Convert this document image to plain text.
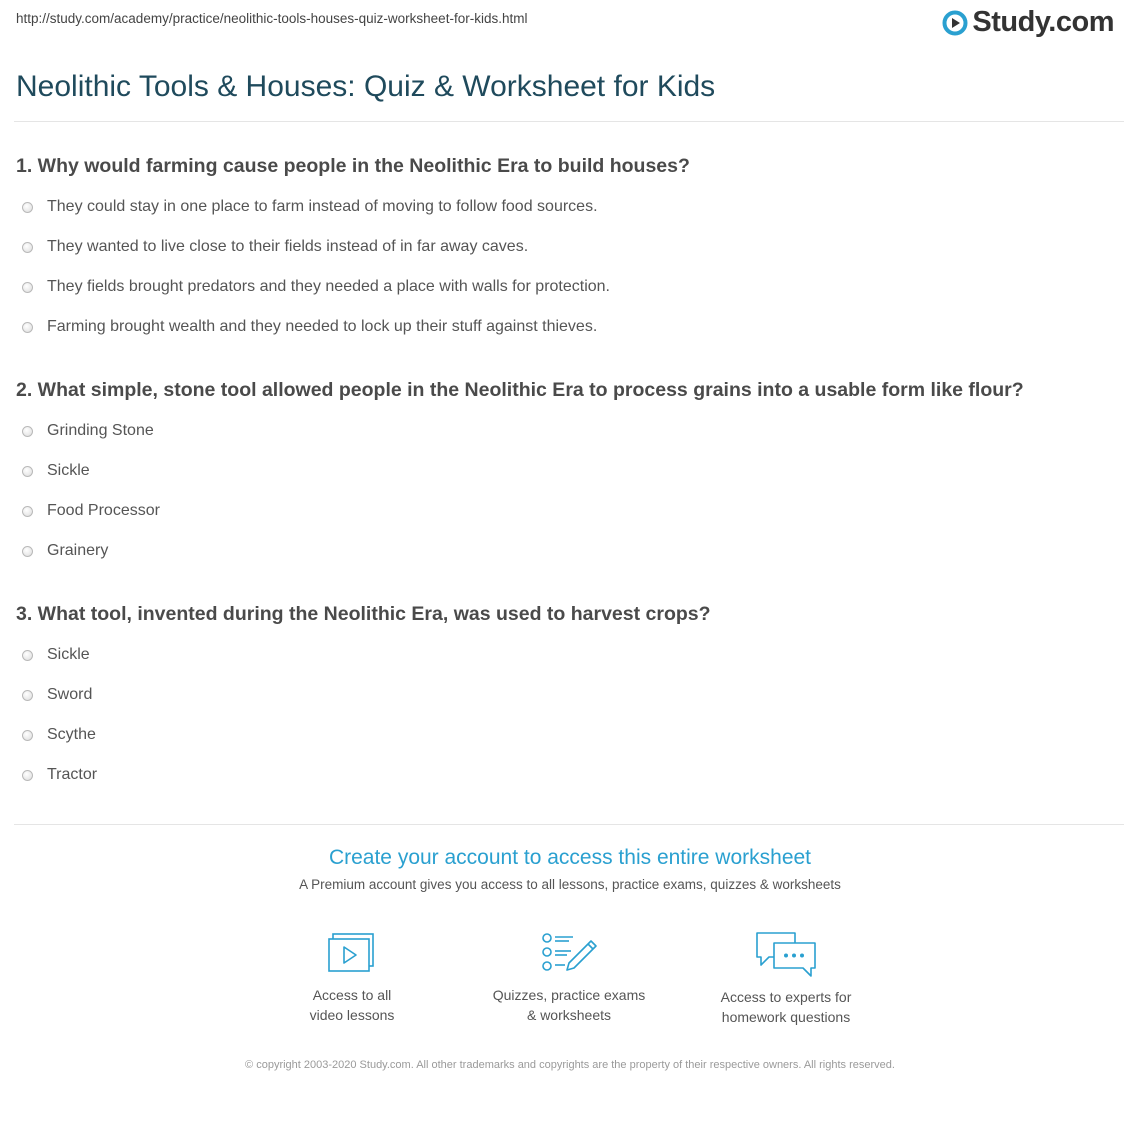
http://study.com/academy/practice/neolithic-tools-houses-quiz-worksheet-for-kids.html	Study.com
Neolithic Tools & Houses: Quiz & Worksheet for Kids
1. Why would farming cause people in the Neolithic Era to build houses?
They could stay in one place to farm instead of moving to follow food sources.
They wanted to live close to their fields instead of in far away caves.
They fields brought predators and they needed a place with walls for protection.
Farming brought wealth and they needed to lock up their stuff against thieves.
2. What simple, stone tool allowed people in the Neolithic Era to process grains into a usable form like flour?
Grinding Stone
Sickle
Food Processor
Grainery
3. What tool, invented during the Neolithic Era, was used to harvest crops?
Sickle
Sword
Scythe
Tractor
Create your account to access this entire worksheet
A Premium account gives you access to all lessons, practice exams, quizzes & worksheets
Access to all
video lessons
Quizzes, practice exams
& worksheets
Access to experts for
homework questions
© copyright 2003-2020 Study.com. All other trademarks and copyrights are the property of their respective owners. All rights reserved.
